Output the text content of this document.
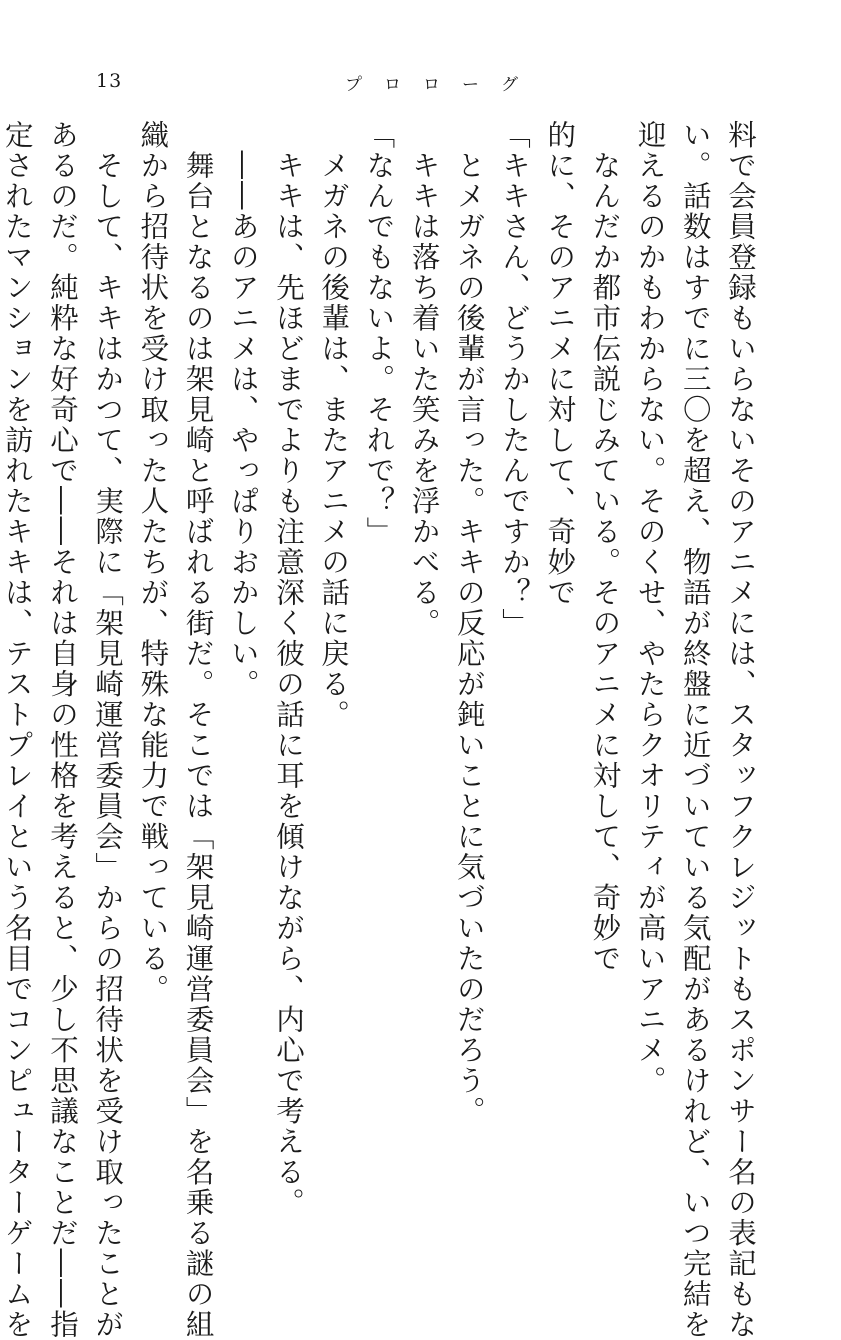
13	プロローグ

料で会員登録もいらないそのアニメには、スタッフクレジットもスポンサー名の表記もな

い。話数はすでに三〇を超え、物語が終盤に近づいている気配があるけれど、いつ完結を

迎えるのかもわからない。そのくせ、やたらクオリティが高いアニメ。

　なんだか都市伝説じみている。そのアニメに対して、奇妙で

的に、そのアニメに対して、奇妙で

「キキさん、どうかしたんですか？」

　とメガネの後輩が言った。キキの反応が鈍いことに気づいたのだろう。

　キキは落ち着いた笑みを浮かべる。

「なんでもないよ。それで？」

　メガネの後輩は、またアニメの話に戻る。

　キキは、先ほどまでよりも注意深く彼の話に耳を傾けながら、内心で考える。

　――あのアニメは、やっぱりおかしい。

　舞台となるのは架見崎と呼ばれる街だ。そこでは「架見崎運営委員会」を名乗る謎の組

織から招待状を受け取った人たちが、特殊な能力で戦っている。

　そして、キキはかつて、実際に「架見崎運営委員会」からの招待状を受け取ったことが

あるのだ。純粋な好奇心で――それは自身の性格を考えると、少し不思議なことだ――指

定されたマンションを訪れたキキは、テストプレイという名目でコンピューターゲームを
